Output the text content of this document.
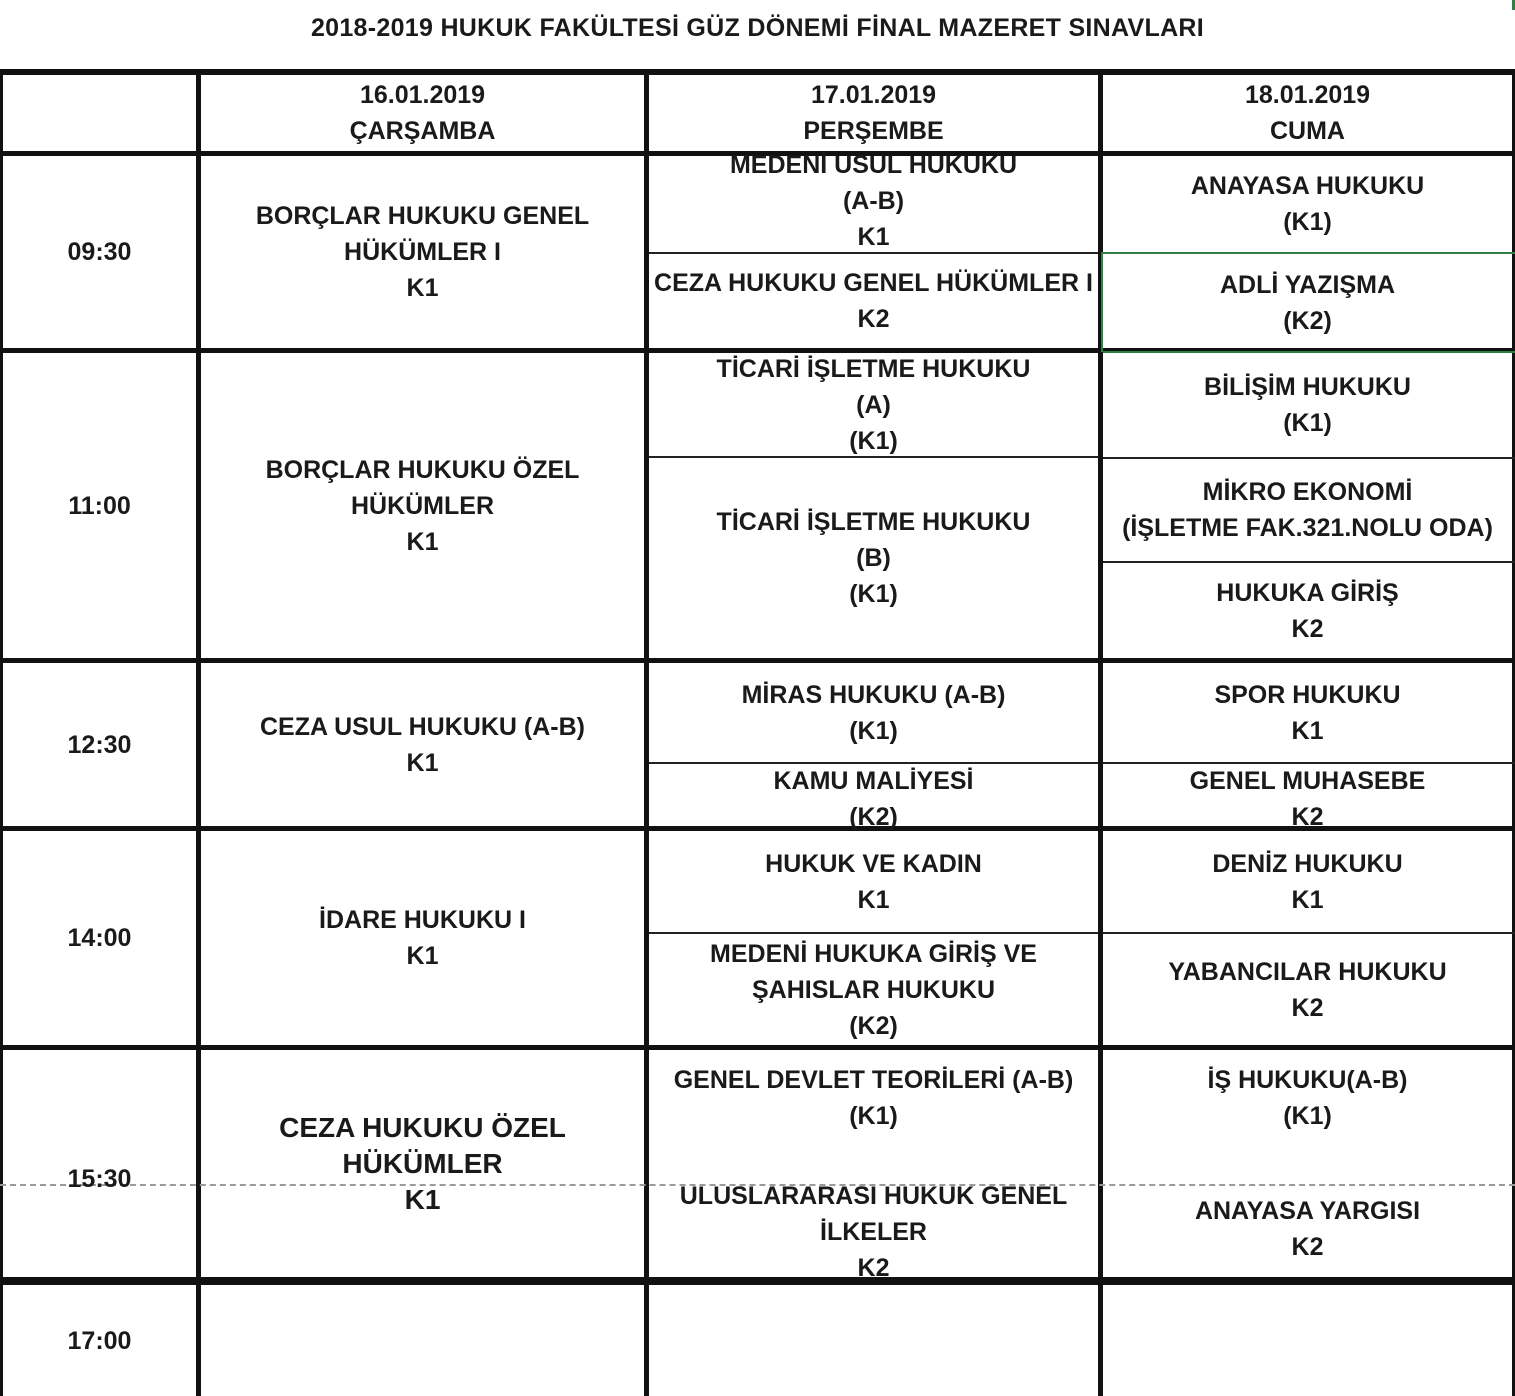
2018-2019 HUKUK FAKÜLTESİ GÜZ DÖNEMİ FİNAL MAZERET SINAVLARI
16.01.2019
ÇARŞAMBA
17.01.2019
PERŞEMBE
18.01.2019
CUMA
09:30
11:00
12:30
14:00
15:30
17:00
BORÇLAR HUKUKU GENEL
HÜKÜMLER I
K1
BORÇLAR HUKUKU ÖZEL
HÜKÜMLER
K1
CEZA USUL HUKUKU (A-B)
K1
İDARE HUKUKU I
K1
CEZA HUKUKU ÖZEL
HÜKÜMLER
K1
MEDENİ USUL HUKUKU
(A-B)
K1
CEZA HUKUKU GENEL HÜKÜMLER I
K2
TİCARİ İŞLETME HUKUKU
(A)
(K1)
TİCARİ İŞLETME HUKUKU
(B)
(K1)
MİRAS HUKUKU (A-B)
(K1)
KAMU MALİYESİ
(K2)
HUKUK VE KADIN
K1
MEDENİ HUKUKA GİRİŞ VE
ŞAHISLAR HUKUKU
(K2)
GENEL DEVLET TEORİLERİ (A-B)
(K1)
ULUSLARARASI HUKUK GENEL
İLKELER
K2
ANAYASA HUKUKU
(K1)
ADLİ YAZIŞMA
(K2)
BİLİŞİM HUKUKU
(K1)
MİKRO EKONOMİ
(İŞLETME FAK.321.NOLU ODA)
HUKUKA GİRİŞ
K2
SPOR HUKUKU
K1
GENEL MUHASEBE
K2
DENİZ HUKUKU
K1
YABANCILAR HUKUKU
K2
İŞ HUKUKU(A-B)
(K1)
ANAYASA YARGISI
K2
